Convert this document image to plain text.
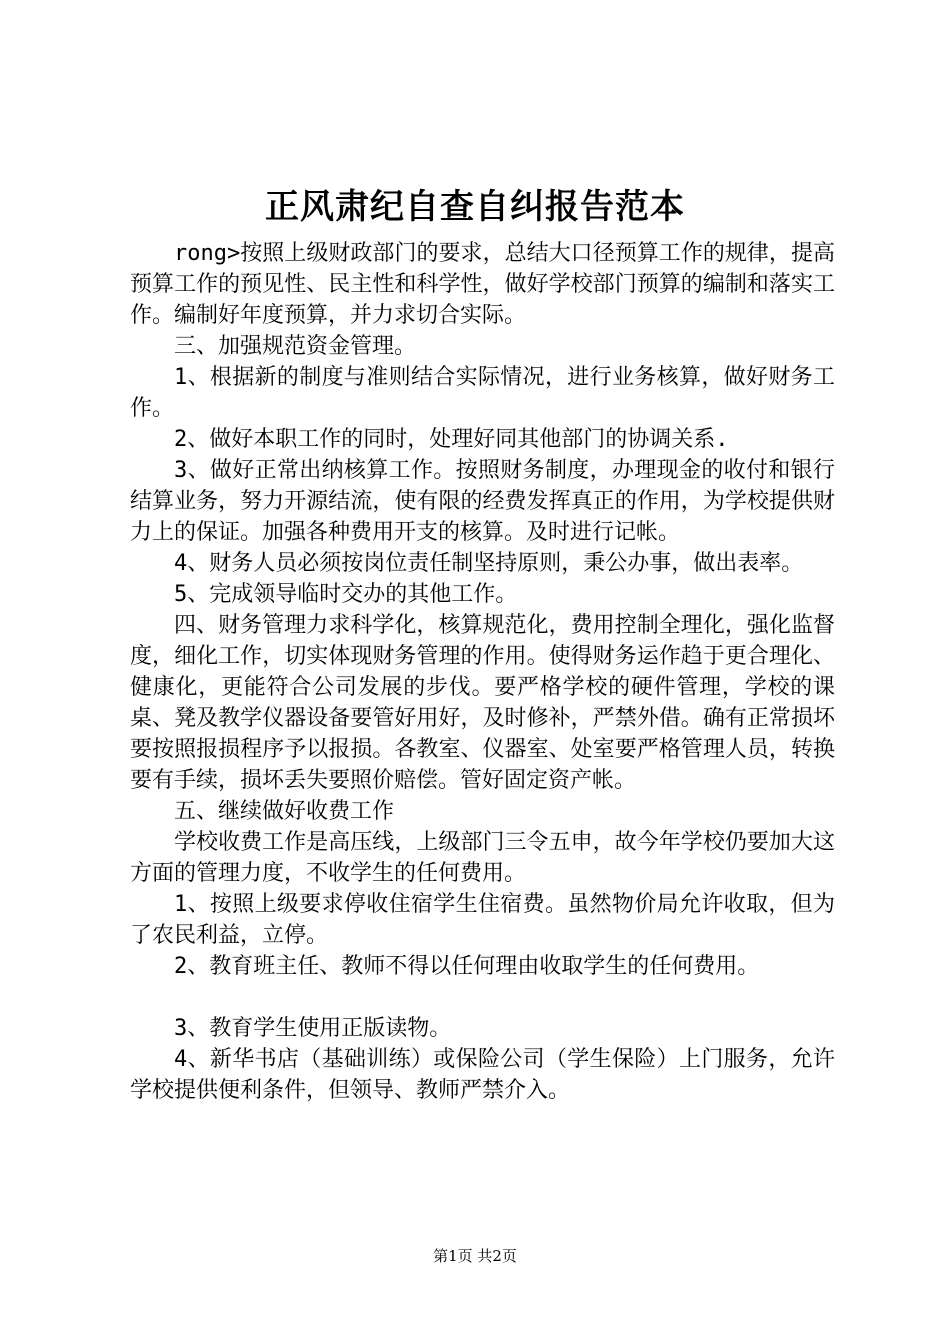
正风肃纪自查自纠报告范本

rong>按照上级财政部门的要求，总结大口径预算工作的规律，提高预算工作的预见性、民主性和科学性，做好学校部门预算的编制和落实工作。编制好年度预算，并力求切合实际。

三、加强规范资金管理。

1、根据新的制度与准则结合实际情况，进行业务核算，做好财务工作。

2、做好本职工作的同时，处理好同其他部门的协调关系.

3、做好正常出纳核算工作。按照财务制度，办理现金的收付和银行结算业务，努力开源结流，使有限的经费发挥真正的作用，为学校提供财力上的保证。加强各种费用开支的核算。及时进行记帐。

4、财务人员必须按岗位责任制坚持原则，秉公办事，做出表率。

5、完成领导临时交办的其他工作。

四、财务管理力求科学化，核算规范化，费用控制全理化，强化监督度，细化工作，切实体现财务管理的作用。使得财务运作趋于更合理化、健康化，更能符合公司发展的步伐。要严格学校的硬件管理，学校的课桌、凳及教学仪器设备要管好用好，及时修补，严禁外借。确有正常损坏要按照报损程序予以报损。各教室、仪器室、处室要严格管理人员，转换要有手续，损坏丢失要照价赔偿。管好固定资产帐。

五、继续做好收费工作

学校收费工作是高压线，上级部门三令五申，故今年学校仍要加大这方面的管理力度，不收学生的任何费用。

1、按照上级要求停收住宿学生住宿费。虽然物价局允许收取，但为了农民利益，立停。

2、教育班主任、教师不得以任何理由收取学生的任何费用。

3、教育学生使用正版读物。

4、新华书店（基础训练）或保险公司（学生保险）上门服务，允许学校提供便利条件，但领导、教师严禁介入。

第1页 共2页
